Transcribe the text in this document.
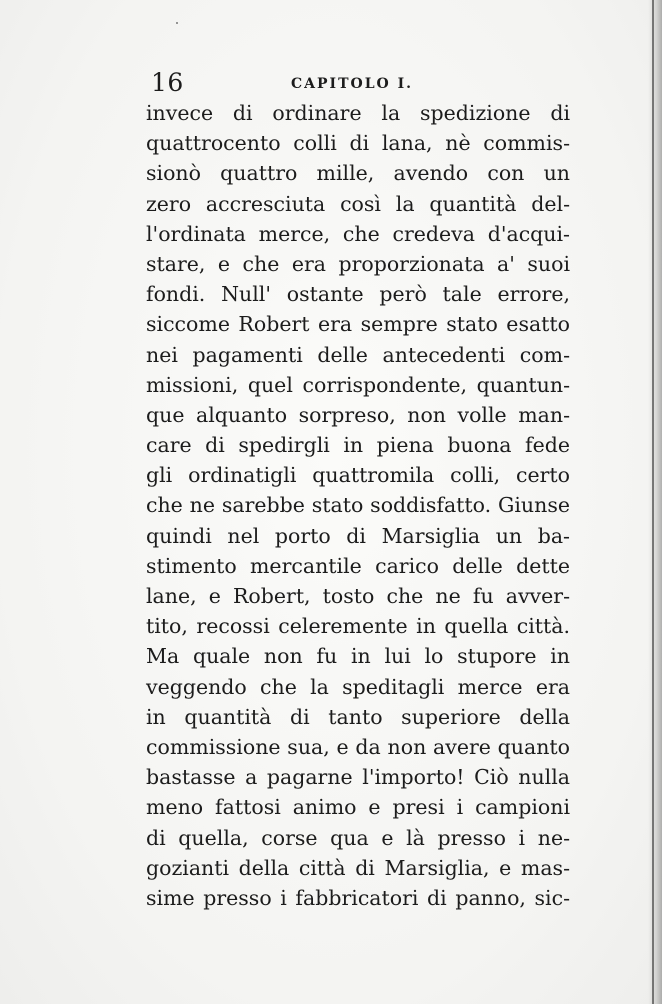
16	CAPITOLO I.
invece di ordinare la spedizione di
quattrocento colli di lana, nè commis-
sionò quattro mille, avendo con un
zero accresciuta così la quantità del-
l'ordinata merce, che credeva d'acqui-
stare, e che era proporzionata a' suoi
fondi. Null' ostante però tale errore,
siccome Robert era sempre stato esatto
nei pagamenti delle antecedenti com-
missioni, quel corrispondente, quantun-
que alquanto sorpreso, non volle man-
care di spedirgli in piena buona fede
gli ordinatigli quattromila colli, certo
che ne sarebbe stato soddisfatto. Giunse
quindi nel porto di Marsiglia un ba-
stimento mercantile carico delle dette
lane, e Robert, tosto che ne fu avver-
tito, recossi celeremente in quella città.
Ma quale non fu in lui lo stupore in
veggendo che la speditagli merce era
in quantità di tanto superiore della
commissione sua, e da non avere quanto
bastasse a pagarne l'importo! Ciò nulla
meno fattosi animo e presi i campioni
di quella, corse qua e là presso i ne-
gozianti della città di Marsiglia, e mas-
sime presso i fabbricatori di panno, sic-
